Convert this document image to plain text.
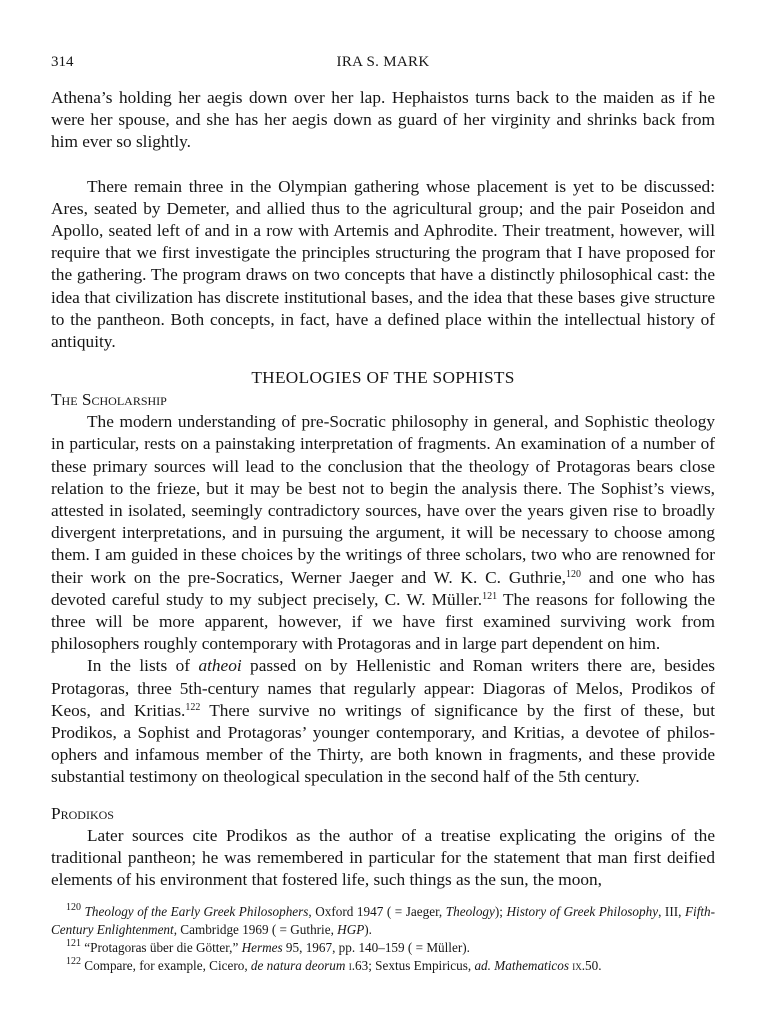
314	IRA S. MARK

Athena’s holding her aegis down over her lap. Hephaistos turns back to the maiden as if he were her spouse, and she has her aegis down as guard of her virginity and shrinks back from him ever so slightly.

There remain three in the Olympian gathering whose placement is yet to be discussed: Ares, seated by Demeter, and allied thus to the agricultural group; and the pair Poseidon and Apollo, seated left of and in a row with Artemis and Aphrodite. Their treatment, however, will require that we first investigate the principles structuring the program that I have proposed for the gathering. The program draws on two concepts that have a distinctly philosophical cast: the idea that civilization has discrete institutional bases, and the idea that these bases give structure to the pantheon. Both concepts, in fact, have a defined place within the intellectual history of antiquity.

THEOLOGIES OF THE SOPHISTS
The Scholarship

The modern understanding of pre-Socratic philosophy in general, and Sophistic theology in particular, rests on a painstaking interpretation of fragments. An examination of a number of these primary sources will lead to the conclusion that the theology of Protagoras bears close relation to the frieze, but it may be best not to begin the analysis there. The Sophist’s views, attested in isolated, seemingly contradictory sources, have over the years given rise to broadly divergent interpretations, and in pursuing the argument, it will be necessary to choose among them. I am guided in these choices by the writings of three scholars, two who are renowned for their work on the pre-Socratics, Werner Jaeger and W. K. C. Guthrie,$^{120}$ and one who has devoted careful study to my subject precisely, C. W. Müller.$^{121}$ The reasons for following the three will be more apparent, however, if we have first examined surviving work from philosophers roughly contemporary with Protagoras and in large part dependent on him.

In the lists of atheoi passed on by Hellenistic and Roman writers there are, besides Protagoras, three 5th-century names that regularly appear: Diagoras of Melos, Prodikos of Keos, and Kritias.$^{122}$ There survive no writings of significance by the first of these, but Prodikos, a Sophist and Protagoras’ younger contemporary, and Kritias, a devotee of philosophers and infamous member of the Thirty, are both known in fragments, and these provide substantial testimony on theological speculation in the second half of the 5th century.

Prodikos

Later sources cite Prodikos as the author of a treatise explicating the origins of the traditional pantheon; he was remembered in particular for the statement that man first deified elements of his environment that fostered life, such things as the sun, the moon,

$^{120}$ Theology of the Early Greek Philosophers, Oxford 1947 ( = Jaeger, Theology); History of Greek Philosophy, III, Fifth-Century Enlightenment, Cambridge 1969 ( = Guthrie, HGP).

$^{121}$ “Protagoras über die Götter,” Hermes 95, 1967, pp. 140–159 ( = Müller).

$^{122}$ Compare, for example, Cicero, de natura deorum i.63; Sextus Empiricus, ad. Mathematicos ix.50.
